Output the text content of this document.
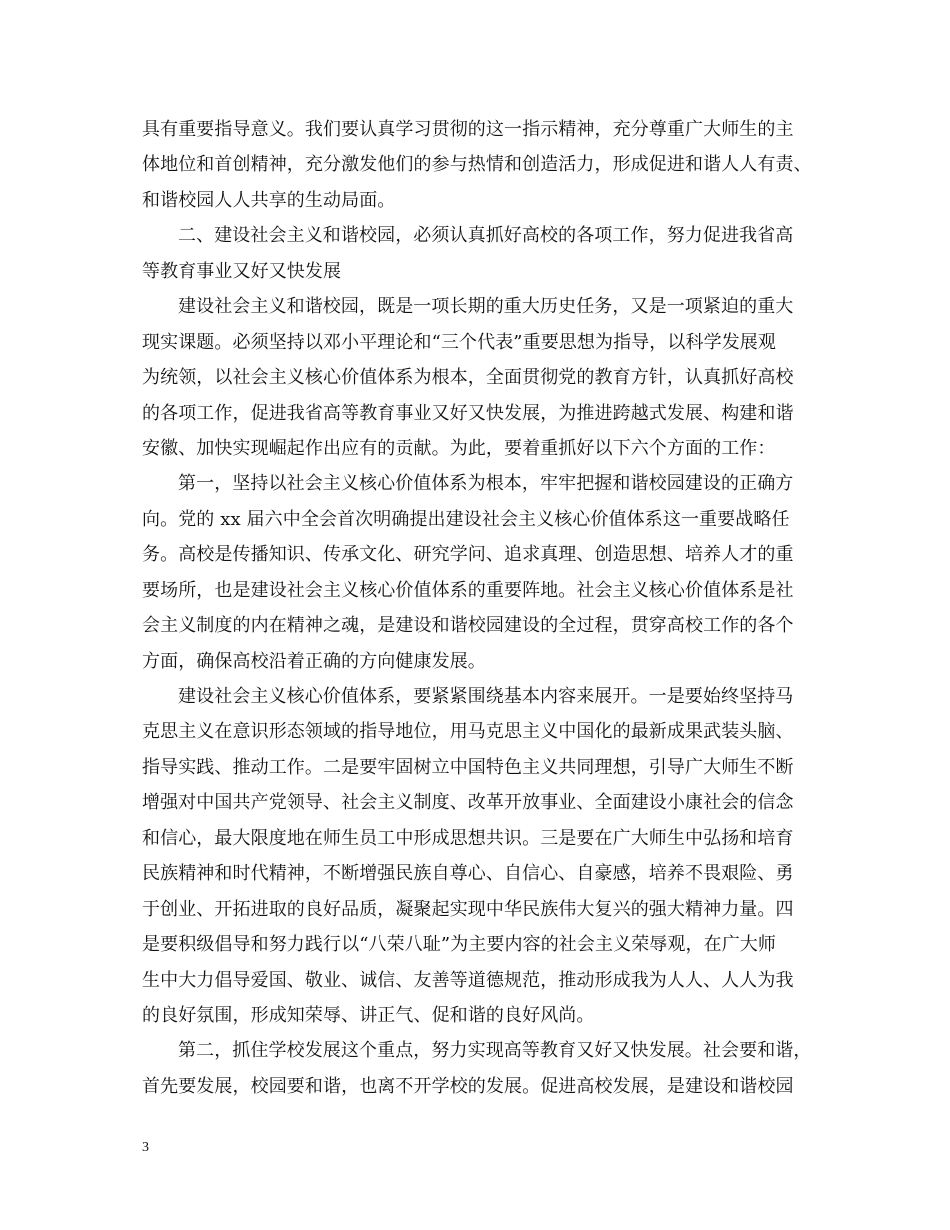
具有重要指导意义。我们要认真学习贯彻的这一指示精神，充分尊重广大师生的主
体地位和首创精神，充分激发他们的参与热情和创造活力，形成促进和谐人人有责、
和谐校园人人共享的生动局面。
二、建设社会主义和谐校园，必须认真抓好高校的各项工作，努力促进我省高
等教育事业又好又快发展
建设社会主义和谐校园，既是一项长期的重大历史任务，又是一项紧迫的重大
现实课题。必须坚持以邓小平理论和“三个代表”重要思想为指导，以科学发展观
为统领，以社会主义核心价值体系为根本，全面贯彻党的教育方针，认真抓好高校
的各项工作，促进我省高等教育事业又好又快发展，为推进跨越式发展、构建和谐
安徽、加快实现崛起作出应有的贡献。为此，要着重抓好以下六个方面的工作：
第一，坚持以社会主义核心价值体系为根本，牢牢把握和谐校园建设的正确方
向。党的 xx 届六中全会首次明确提出建设社会主义核心价值体系这一重要战略任
务。高校是传播知识、传承文化、研究学问、追求真理、创造思想、培养人才的重
要场所，也是建设社会主义核心价值体系的重要阵地。社会主义核心价值体系是社
会主义制度的内在精神之魂，是建设和谐校园建设的全过程，贯穿高校工作的各个
方面，确保高校沿着正确的方向健康发展。
建设社会主义核心价值体系，要紧紧围绕基本内容来展开。一是要始终坚持马
克思主义在意识形态领域的指导地位，用马克思主义中国化的最新成果武装头脑、
指导实践、推动工作。二是要牢固树立中国特色主义共同理想，引导广大师生不断
增强对中国共产党领导、社会主义制度、改革开放事业、全面建设小康社会的信念
和信心，最大限度地在师生员工中形成思想共识。三是要在广大师生中弘扬和培育
民族精神和时代精神，不断增强民族自尊心、自信心、自豪感，培养不畏艰险、勇
于创业、开拓进取的良好品质，凝聚起实现中华民族伟大复兴的强大精神力量。四
是要积级倡导和努力践行以“八荣八耻”为主要内容的社会主义荣辱观，在广大师
生中大力倡导爱国、敬业、诚信、友善等道德规范，推动形成我为人人、人人为我
的良好氛围，形成知荣辱、讲正气、促和谐的良好风尚。
第二，抓住学校发展这个重点，努力实现高等教育又好又快发展。社会要和谐，
首先要发展，校园要和谐，也离不开学校的发展。促进高校发展，是建设和谐校园
3
